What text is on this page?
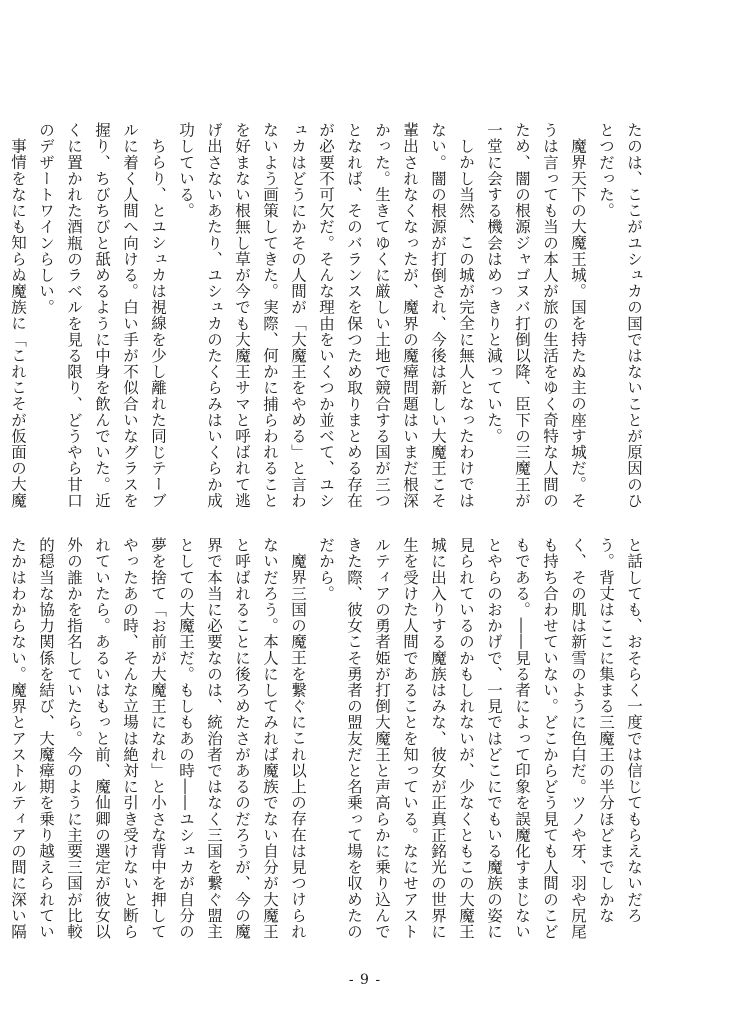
たのは、ここがユシュカの国ではないことが原因のひとつだった。

魔界天下の大魔王城。国を持たぬ主の座す城だ。そうは言っても当の本人が旅の生活をゆく奇特な人間のため、闇の根源ジャゴヌバ打倒以降、臣下の三魔王が一堂に会する機会はめっきりと減っていた。

しかし当然、この城が完全に無人となったわけではない。闇の根源が打倒され、今後は新しい大魔王こそ輩出されなくなったが、魔界の魔瘴問題はいまだ根深かった。生きてゆくに厳しい土地で競合する国が三つとなれば、そのバランスを保つため取りまとめる存在が必要不可欠だ。そんな理由をいくつか並べて、ユシュカはどうにかその人間が「大魔王をやめる」と言わないよう画策してきた。実際、何かに捕らわれることを好まない根無し草が今でも大魔王サマと呼ばれて逃げ出さないあたり、ユシュカのたくらみはいくらか成功している。

ちらり、とユシュカは視線を少し離れた同じテーブルに着く人間へ向ける。白い手が不似合いなグラスを握り、ちびちびと舐めるように中身を飲んでいた。近くに置かれた酒瓶のラベルを見る限り、どうやら甘口のデザートワインらしい。

事情をなにも知らぬ魔族に「これこそが仮面の大魔

と話しても、おそらく一度では信じてもらえないだろう。背丈はここに集まる三魔王の半分ほどまでしかなく、その肌は新雪のように色白だ。ツノや牙、羽や尻尾も持ち合わせていない。どこからどう見ても人間のこどもである。――見る者によって印象を誤魔化すまじないとやらのおかげで、一見ではどこにでもいる魔族の姿に見られているのかもしれないが、少なくともこの大魔王城に出入りする魔族はみな、彼女が正真正銘光の世界に生を受けた人間であることを知っている。なにせアストルティアの勇者姫が打倒大魔王と声高らかに乗り込んできた際、彼女こそ勇者の盟友だと名乗って場を収めたのだから。

魔界三国の魔王を繋ぐにこれ以上の存在は見つけられないだろう。本人にしてみれば魔族でない自分が大魔王と呼ばれることに後ろめたさがあるのだろうが、今の魔界で本当に必要なのは、統治者ではなく三国を繋ぐ盟主としての大魔王だ。もしもあの時――ユシュカが自分の夢を捨て「お前が大魔王になれ」と小さな背中を押してやったあの時、そんな立場は絶対に引き受けないと断られていたら。あるいはもっと前、魔仙卿の選定が彼女以外の誰かを指名していたら。今のように主要三国が比較的穏当な協力関係を結び、大魔瘴期を乗り越えられていたかはわからない。魔界とアストルティアの間に深い隔

- 9 -
